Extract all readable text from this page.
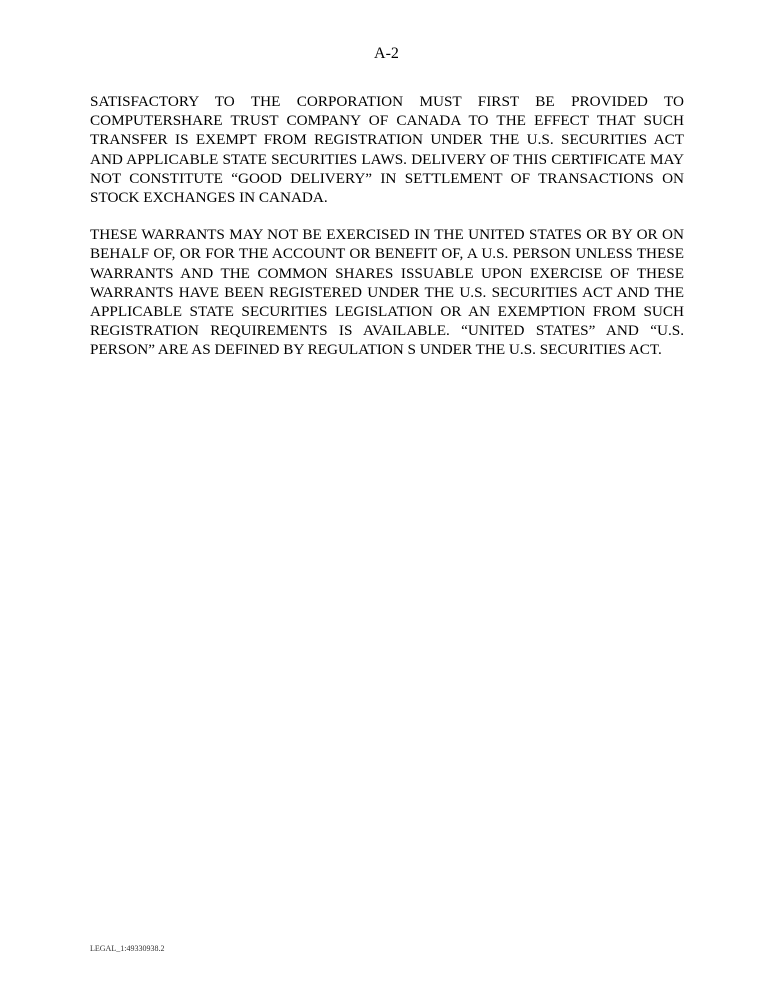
A-2

SATISFACTORY TO THE CORPORATION MUST FIRST BE PROVIDED TO COMPUTERSHARE TRUST COMPANY OF CANADA TO THE EFFECT THAT SUCH TRANSFER IS EXEMPT FROM REGISTRATION UNDER THE U.S. SECURITIES ACT AND APPLICABLE STATE SECURITIES LAWS. DELIVERY OF THIS CERTIFICATE MAY NOT CONSTITUTE “GOOD DELIVERY” IN SETTLEMENT OF TRANSACTIONS ON STOCK EXCHANGES IN CANADA.

THESE WARRANTS MAY NOT BE EXERCISED IN THE UNITED STATES OR BY OR ON BEHALF OF, OR FOR THE ACCOUNT OR BENEFIT OF, A U.S. PERSON UNLESS THESE WARRANTS AND THE COMMON SHARES ISSUABLE UPON EXERCISE OF THESE WARRANTS HAVE BEEN REGISTERED UNDER THE U.S. SECURITIES ACT AND THE APPLICABLE STATE SECURITIES LEGISLATION OR AN EXEMPTION FROM SUCH REGISTRATION REQUIREMENTS IS AVAILABLE. “UNITED STATES” AND “U.S. PERSON” ARE AS DEFINED BY REGULATION S UNDER THE U.S. SECURITIES ACT.

LEGAL_1:49330938.2
